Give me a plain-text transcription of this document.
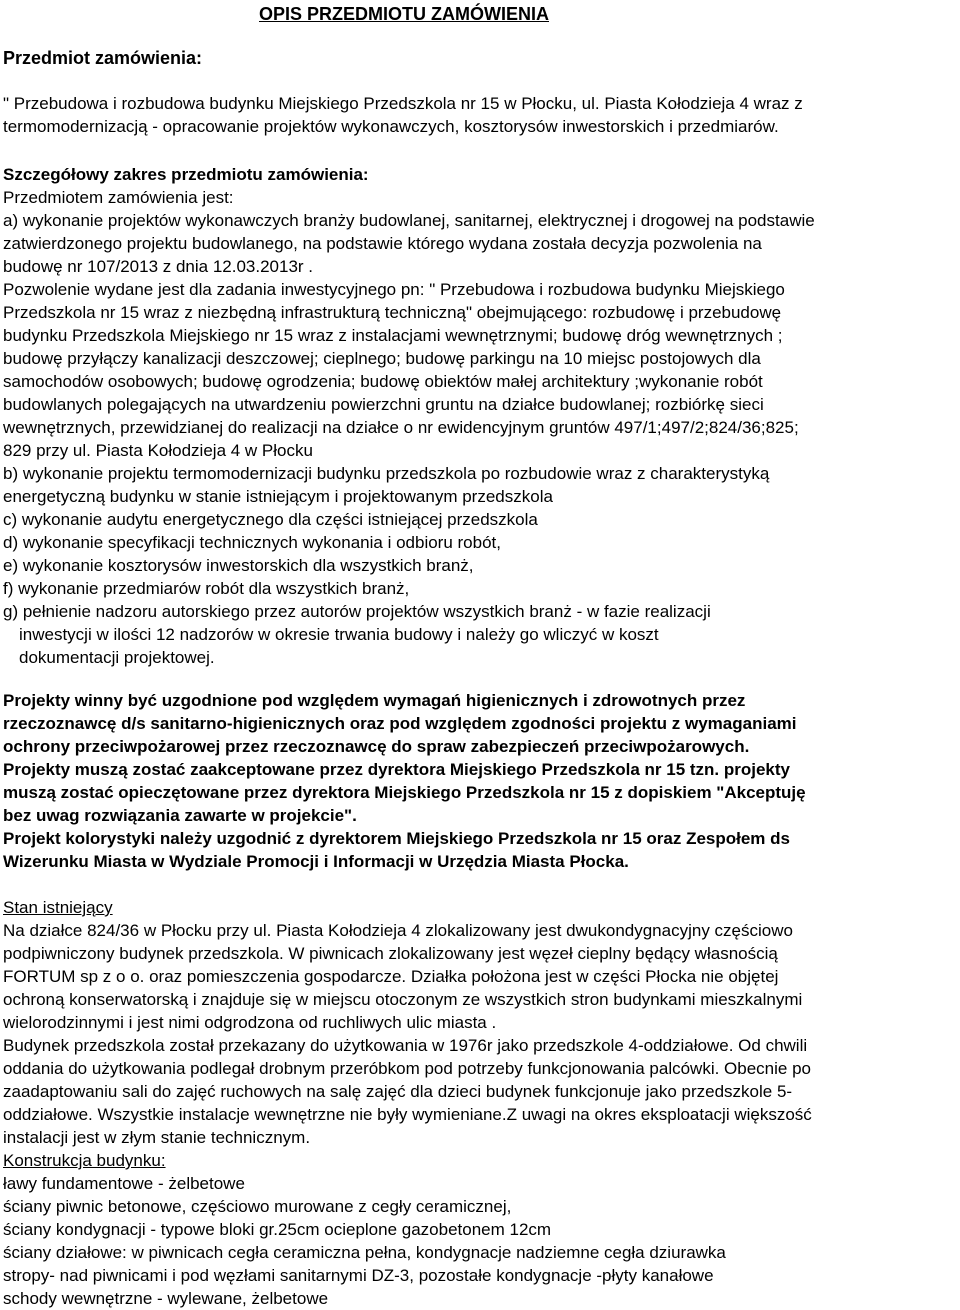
OPIS PRZEDMIOTU ZAMÓWIENIA
Przedmiot zamówienia:
" Przebudowa i rozbudowa budynku Miejskiego Przedszkola nr 15 w Płocku, ul. Piasta Kołodzieja 4 wraz z
termomodernizacją - opracowanie projektów wykonawczych, kosztorysów inwestorskich i przedmiarów.
Szczegółowy zakres przedmiotu zamówienia:
Przedmiotem zamówienia jest:
a) wykonanie projektów wykonawczych branży budowlanej, sanitarnej, elektrycznej i drogowej na podstawie
zatwierdzonego projektu budowlanego, na podstawie którego wydana została decyzja pozwolenia na
budowę nr 107/2013 z dnia 12.03.2013r .
Pozwolenie wydane jest dla zadania inwestycyjnego pn: " Przebudowa i rozbudowa budynku Miejskiego
Przedszkola nr 15 wraz z niezbędną infrastrukturą techniczną" obejmującego: rozbudowę i przebudowę
budynku Przedszkola Miejskiego nr 15 wraz z instalacjami wewnętrznymi; budowę dróg wewnętrznych ;
budowę przyłączy kanalizacji deszczowej; cieplnego; budowę parkingu na 10 miejsc postojowych dla
samochodów osobowych; budowę ogrodzenia; budowę obiektów małej architektury ;wykonanie robót
budowlanych polegających na utwardzeniu powierzchni gruntu na działce budowlanej; rozbiórkę sieci
wewnętrznych, przewidzianej do realizacji na działce o nr ewidencyjnym gruntów 497/1;497/2;824/36;825;
829 przy ul. Piasta Kołodzieja 4 w Płocku
b) wykonanie projektu termomodernizacji budynku przedszkola po rozbudowie wraz z charakterystyką
energetyczną budynku w stanie istniejącym i projektowanym przedszkola
c) wykonanie audytu energetycznego dla części istniejącej przedszkola
d) wykonanie specyfikacji technicznych wykonania i odbioru robót,
e) wykonanie kosztorysów inwestorskich dla wszystkich branż,
f) wykonanie przedmiarów robót dla wszystkich branż,
g) pełnienie nadzoru autorskiego przez autorów projektów wszystkich branż - w fazie realizacji
inwestycji w ilości 12 nadzorów w okresie trwania budowy i należy go wliczyć w koszt
dokumentacji projektowej.
Projekty winny być uzgodnione pod względem wymagań higienicznych i zdrowotnych przez
rzeczoznawcę d/s sanitarno-higienicznych oraz pod względem zgodności projektu z wymaganiami
ochrony przeciwpożarowej przez rzeczoznawcę do spraw zabezpieczeń przeciwpożarowych.
Projekty muszą zostać zaakceptowane przez dyrektora Miejskiego Przedszkola nr 15 tzn. projekty
muszą zostać opieczętowane przez dyrektora Miejskiego Przedszkola nr 15 z dopiskiem "Akceptuję
bez uwag rozwiązania zawarte w projekcie".
Projekt kolorystyki należy uzgodnić z dyrektorem Miejskiego Przedszkola nr 15 oraz Zespołem ds
Wizerunku Miasta w Wydziale Promocji i Informacji w Urzędzia Miasta Płocka.
Stan istniejący
Na działce 824/36 w Płocku przy ul. Piasta Kołodzieja 4 zlokalizowany jest dwukondygnacyjny częściowo
podpiwniczony budynek przedszkola. W piwnicach zlokalizowany jest węzeł cieplny będący własnością
FORTUM sp z o o. oraz pomieszczenia gospodarcze. Działka położona jest w części Płocka nie objętej
ochroną konserwatorską i znajduje się w miejscu otoczonym ze wszystkich stron budynkami mieszkalnymi
wielorodzinnymi i jest nimi odgrodzona od ruchliwych ulic miasta .
Budynek przedszkola został przekazany do użytkowania w 1976r jako przedszkole 4-oddziałowe. Od chwili
oddania do użytkowania podlegał drobnym przeróbkom pod potrzeby funkcjonowania palcówki. Obecnie po
zaadaptowaniu sali do zajęć ruchowych na salę zajęć dla dzieci budynek funkcjonuje jako przedszkole 5-
oddziałowe. Wszystkie instalacje wewnętrzne nie były wymieniane.Z uwagi na okres eksploatacji większość
instalacji jest w złym stanie technicznym.
Konstrukcja budynku:
ławy fundamentowe - żelbetowe
ściany piwnic betonowe, częściowo murowane z cegły ceramicznej,
ściany kondygnacji - typowe bloki gr.25cm ocieplone gazobetonem 12cm
ściany działowe: w piwnicach cegła ceramiczna pełna, kondygnacje nadziemne cegła dziurawka
stropy- nad piwnicami i pod węzłami sanitarnymi DZ-3, pozostałe kondygnacje -płyty kanałowe
schody wewnętrzne - wylewane, żelbetowe
